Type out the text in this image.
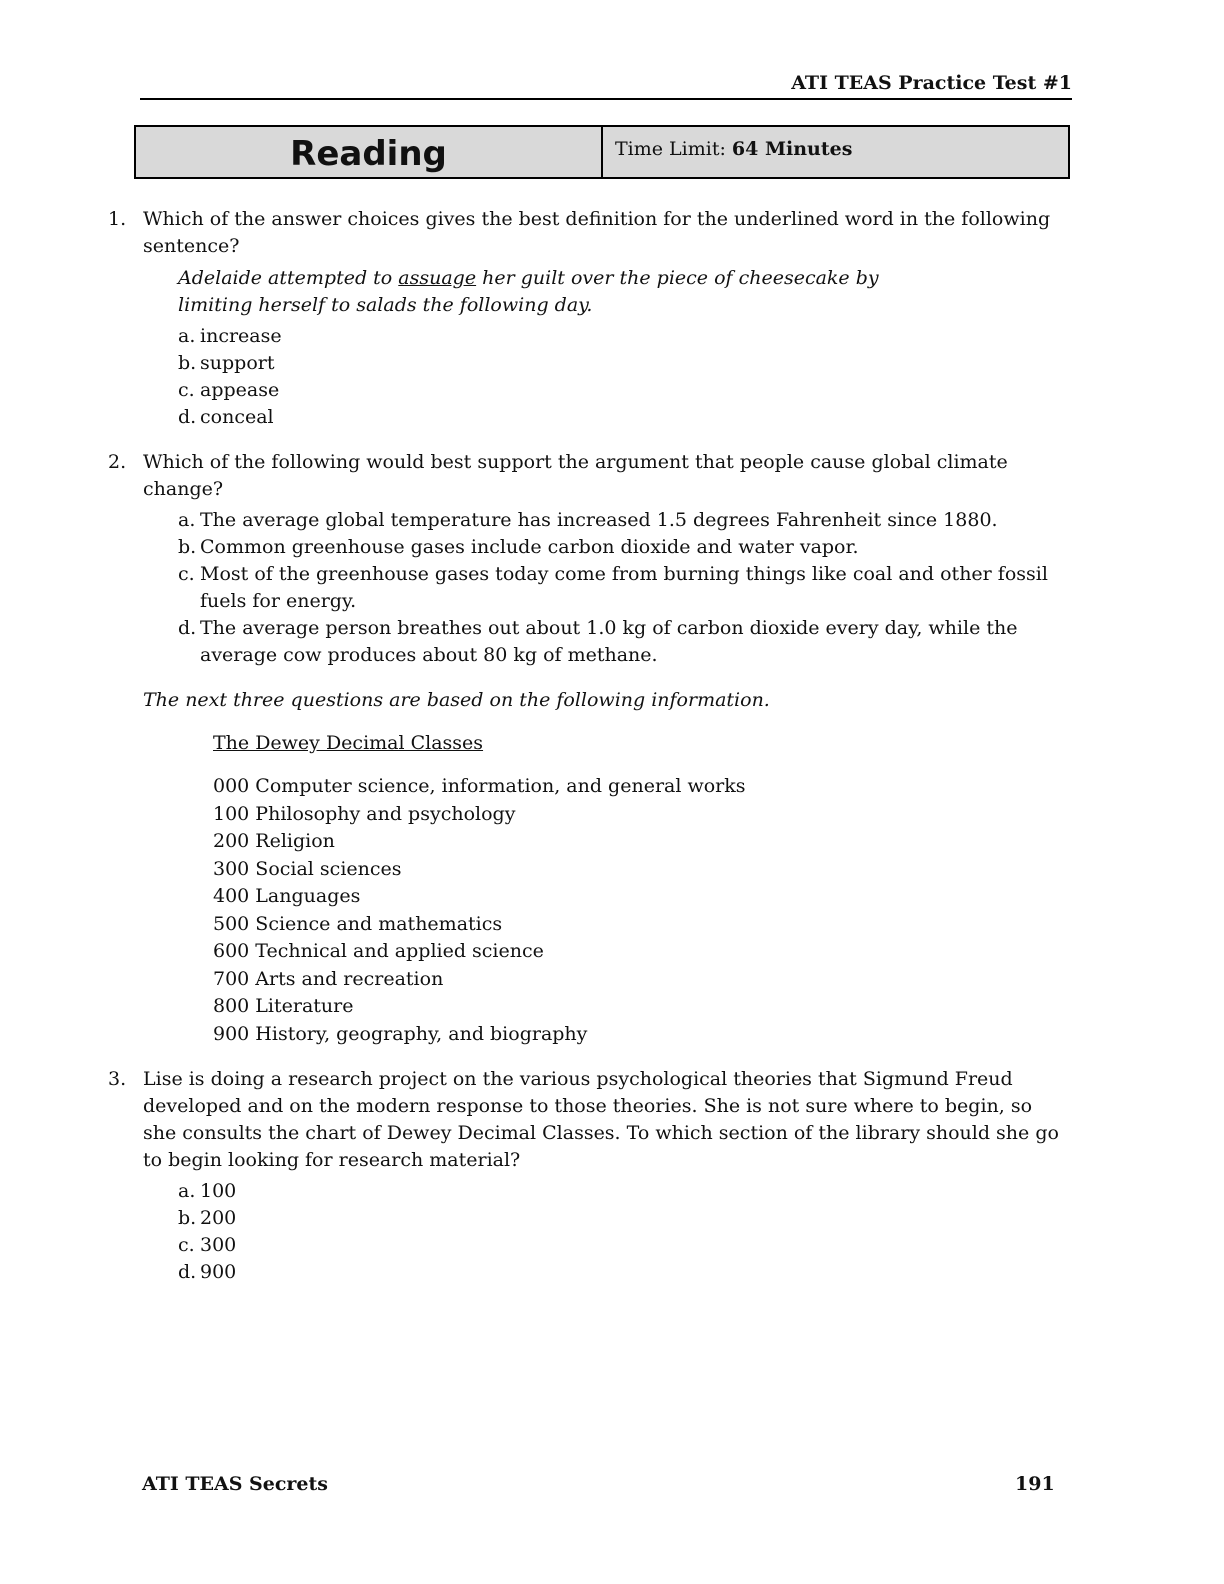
ATI TEAS Practice Test #1
Reading	Time Limit: 64 Minutes
1. Which of the answer choices gives the best definition for the underlined word in the following sentence?
Adelaide attempted to assuage her guilt over the piece of cheesecake by limiting herself to salads the following day.
a. increase
b. support
c. appease
d. conceal
2. Which of the following would best support the argument that people cause global climate change?
a. The average global temperature has increased 1.5 degrees Fahrenheit since 1880.
b. Common greenhouse gases include carbon dioxide and water vapor.
c. Most of the greenhouse gases today come from burning things like coal and other fossil fuels for energy.
d. The average person breathes out about 1.0 kg of carbon dioxide every day, while the average cow produces about 80 kg of methane.
The next three questions are based on the following information.
The Dewey Decimal Classes
000 Computer science, information, and general works
100 Philosophy and psychology
200 Religion
300 Social sciences
400 Languages
500 Science and mathematics
600 Technical and applied science
700 Arts and recreation
800 Literature
900 History, geography, and biography
3. Lise is doing a research project on the various psychological theories that Sigmund Freud developed and on the modern response to those theories. She is not sure where to begin, so she consults the chart of Dewey Decimal Classes. To which section of the library should she go to begin looking for research material?
a. 100
b. 200
c. 300
d. 900
ATI TEAS Secrets	191
